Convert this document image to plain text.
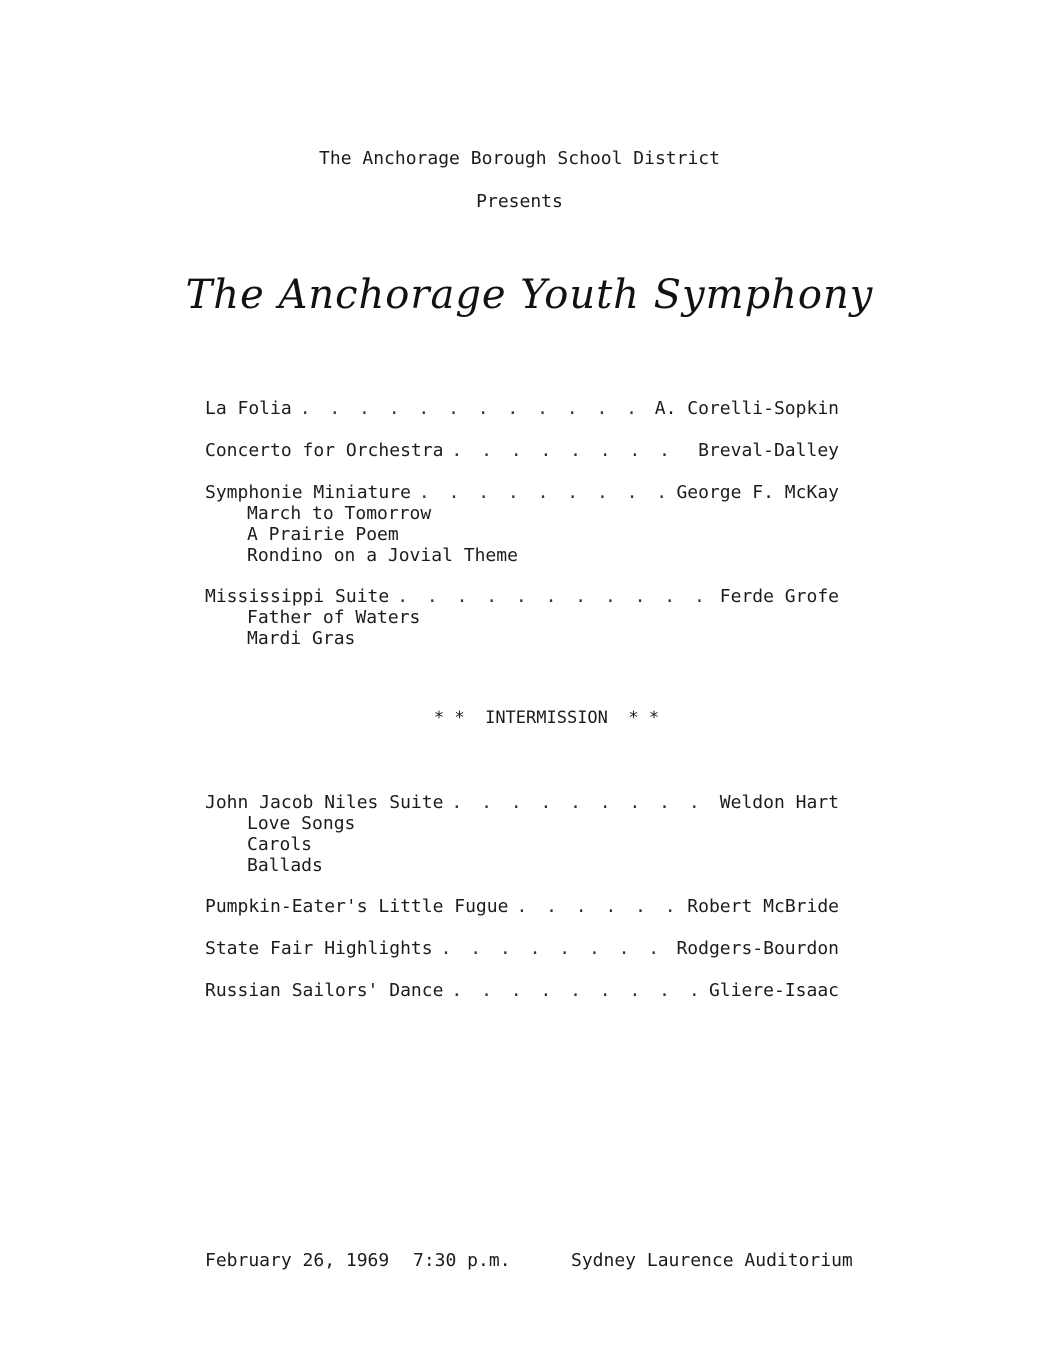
The Anchorage Borough School District
Presents
The Anchorage Youth Symphony
La Folia . . .	A. Corelli-Sopkin
Concerto for Orchestra . . .	Breval-Dalley
Symphonie Miniature . . .	George F. McKay
March to Tomorrow
A Prairie Poem
Rondino on a Jovial Theme
Mississippi Suite . . .	Ferde Grofe
Father of Waters
Mardi Gras
* *  INTERMISSION  * *
John Jacob Niles Suite . . .	Weldon Hart
Love Songs
Carols
Ballads
Pumpkin-Eater's Little Fugue . . .	Robert McBride
State Fair Highlights . . .	Rodgers-Bourdon
Russian Sailors' Dance . . .	Gliere-Isaac

February 26, 1969

7:30 p.m.

	Sydney Laurence Auditorium
